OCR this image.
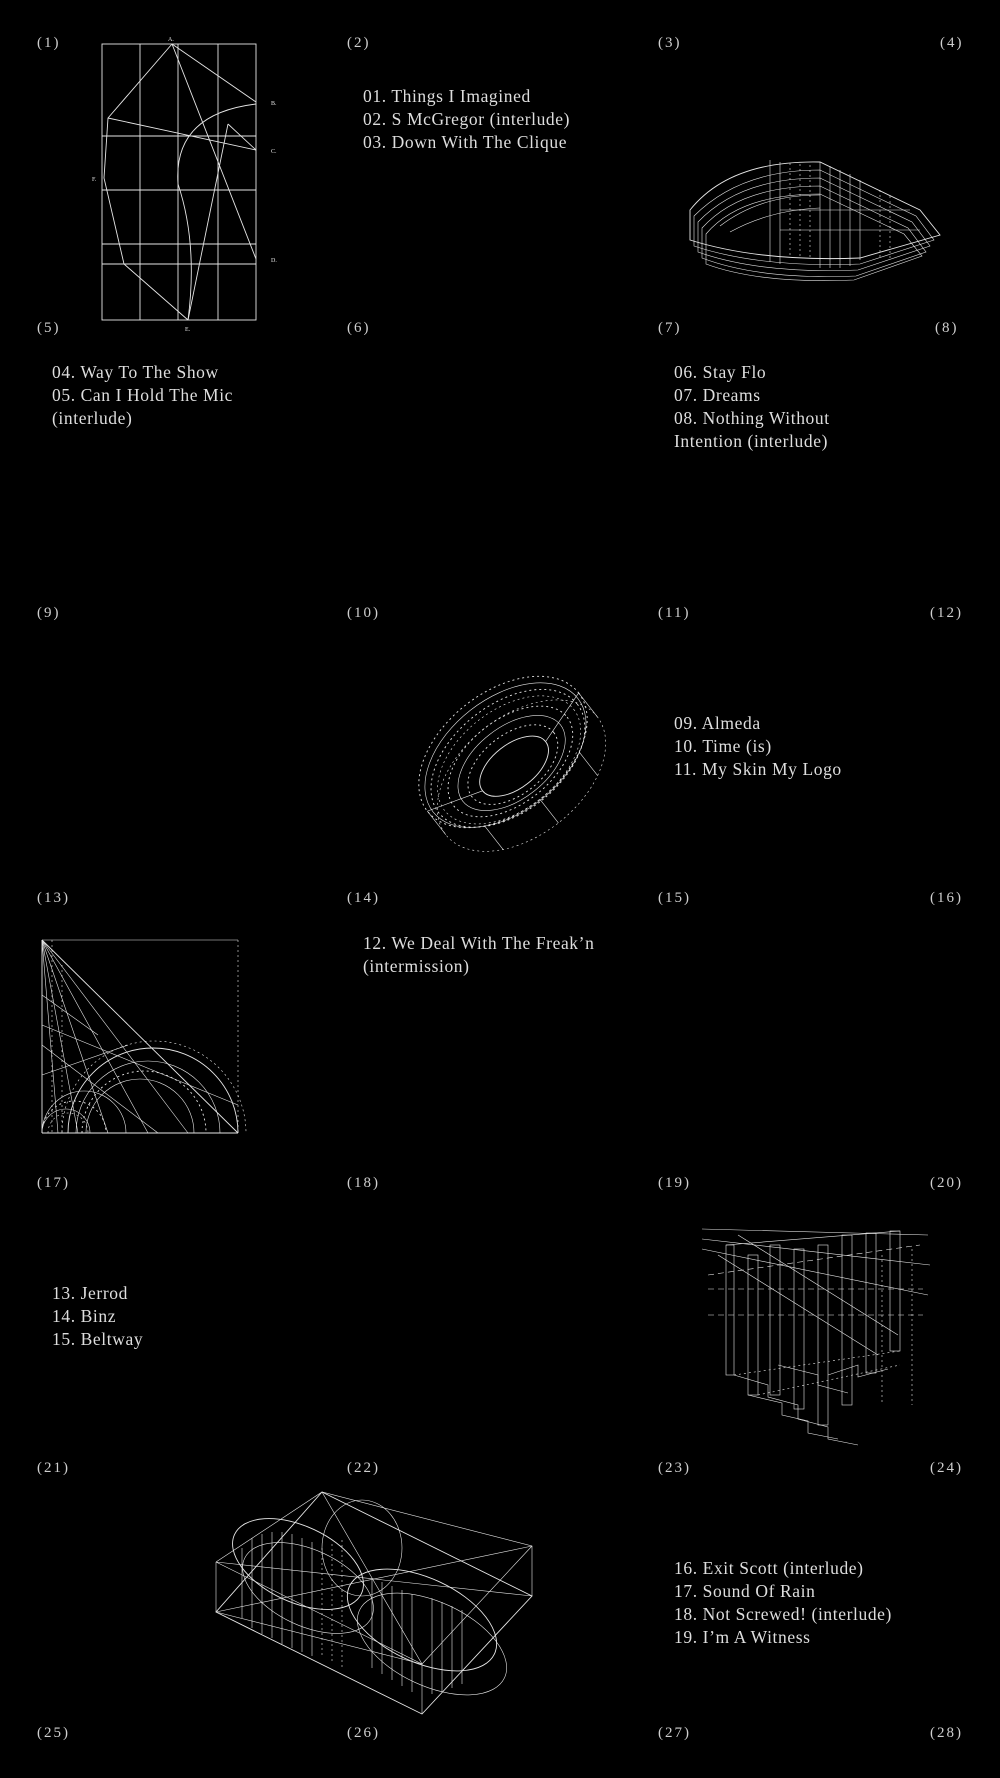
(1)	(2)	(3)	(4)
(5)	(6)	(7)	(8)
(9)	(10)	(11)	(12)
(13)	(14)	(15)	(16)
(17)	(18)	(19)	(20)
(21)	(22)	(23)	(24)
(25)	(26)	(27)	(28)
01. Things I Imagined
02. S McGregor (interlude)
03. Down With The Clique
04. Way To The Show
05. Can I Hold The Mic
(interlude)
06. Stay Flo
07. Dreams
08. Nothing Without
Intention (interlude)
09. Almeda
10. Time (is)
11. My Skin My Logo
12. We Deal With The Freak’n
(intermission)
13. Jerrod
14. Binz
15. Beltway
16. Exit Scott (interlude)
17. Sound Of Rain
18. Not Screwed! (interlude)
19. I’m A Witness
A.
B.
C.
D.
E.
F.
